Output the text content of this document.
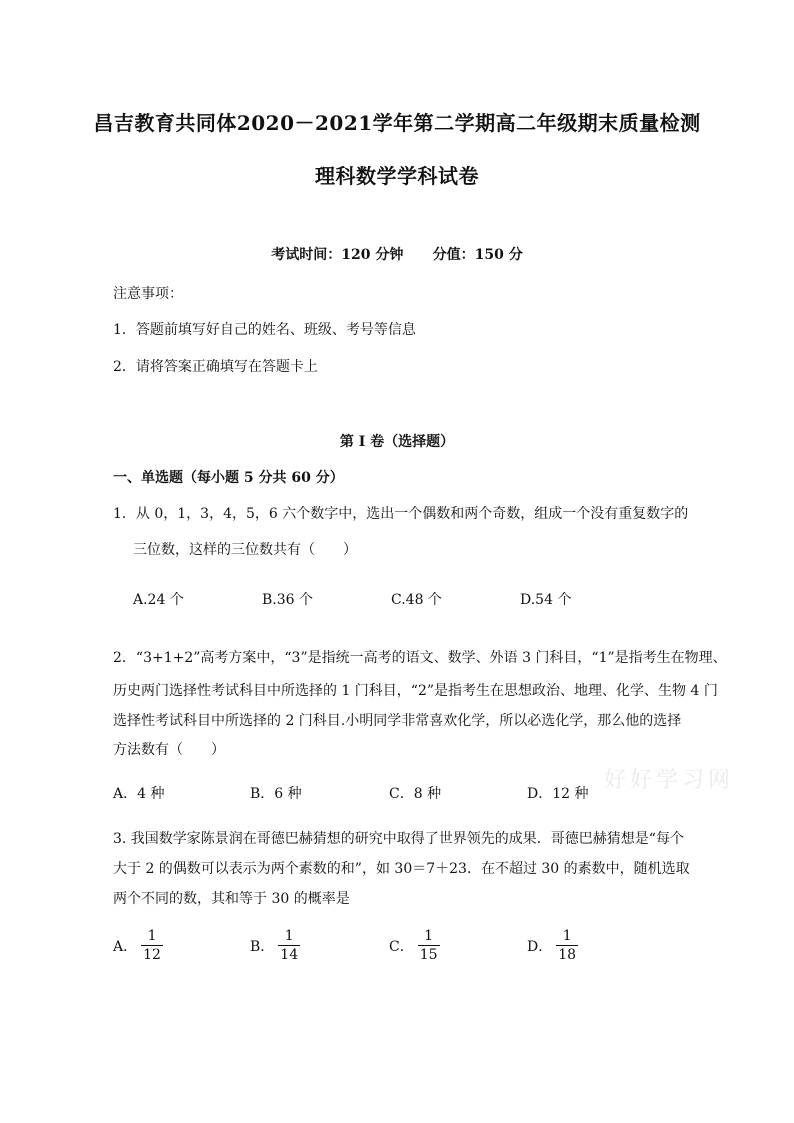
昌吉教育共同体2020－2021学年第二学期高二年级期末质量检测
理科数学学科试卷
考试时间：120 分钟      分值：150 分
注意事项：
1．答题前填写好自己的姓名、班级、考号等信息
2．请将答案正确填写在答题卡上
第 I 卷（选择题）
一、单选题（每小题 5 分共 60 分）
1．从 0，1，3，4，5，6 六个数字中，选出一个偶数和两个奇数，组成一个没有重复数字的
三位数，这样的三位数共有（　　）
A.24 个	B.36 个	C.48 个	D.54 个
2．“3+1+2”高考方案中，“3”是指统一高考的语文、数学、外语 3 门科目，“1”是指考生在物理、
历史两门选择性考试科目中所选择的 1 门科目，“2”是指考生在思想政治、地理、化学、生物 4 门
选择性考试科目中所选择的 2 门科目.小明同学非常喜欢化学，所以必选化学，那么他的选择
方法数有（　　）
A．4 种	B．6 种	C．8 种	D．12 种
好好学习网
3. 我国数学家陈景润在哥德巴赫猜想的研究中取得了世界领先的成果．哥德巴赫猜想是“每个
大于 2 的偶数可以表示为两个素数的和”，如 30＝7＋23．在不超过 30 的素数中，随机选取
两个不同的数，其和等于 30 的概率是
A． $\frac{1}{12}$	B． $\frac{1}{14}$	C． $\frac{1}{15}$	D． $\frac{1}{18}$
